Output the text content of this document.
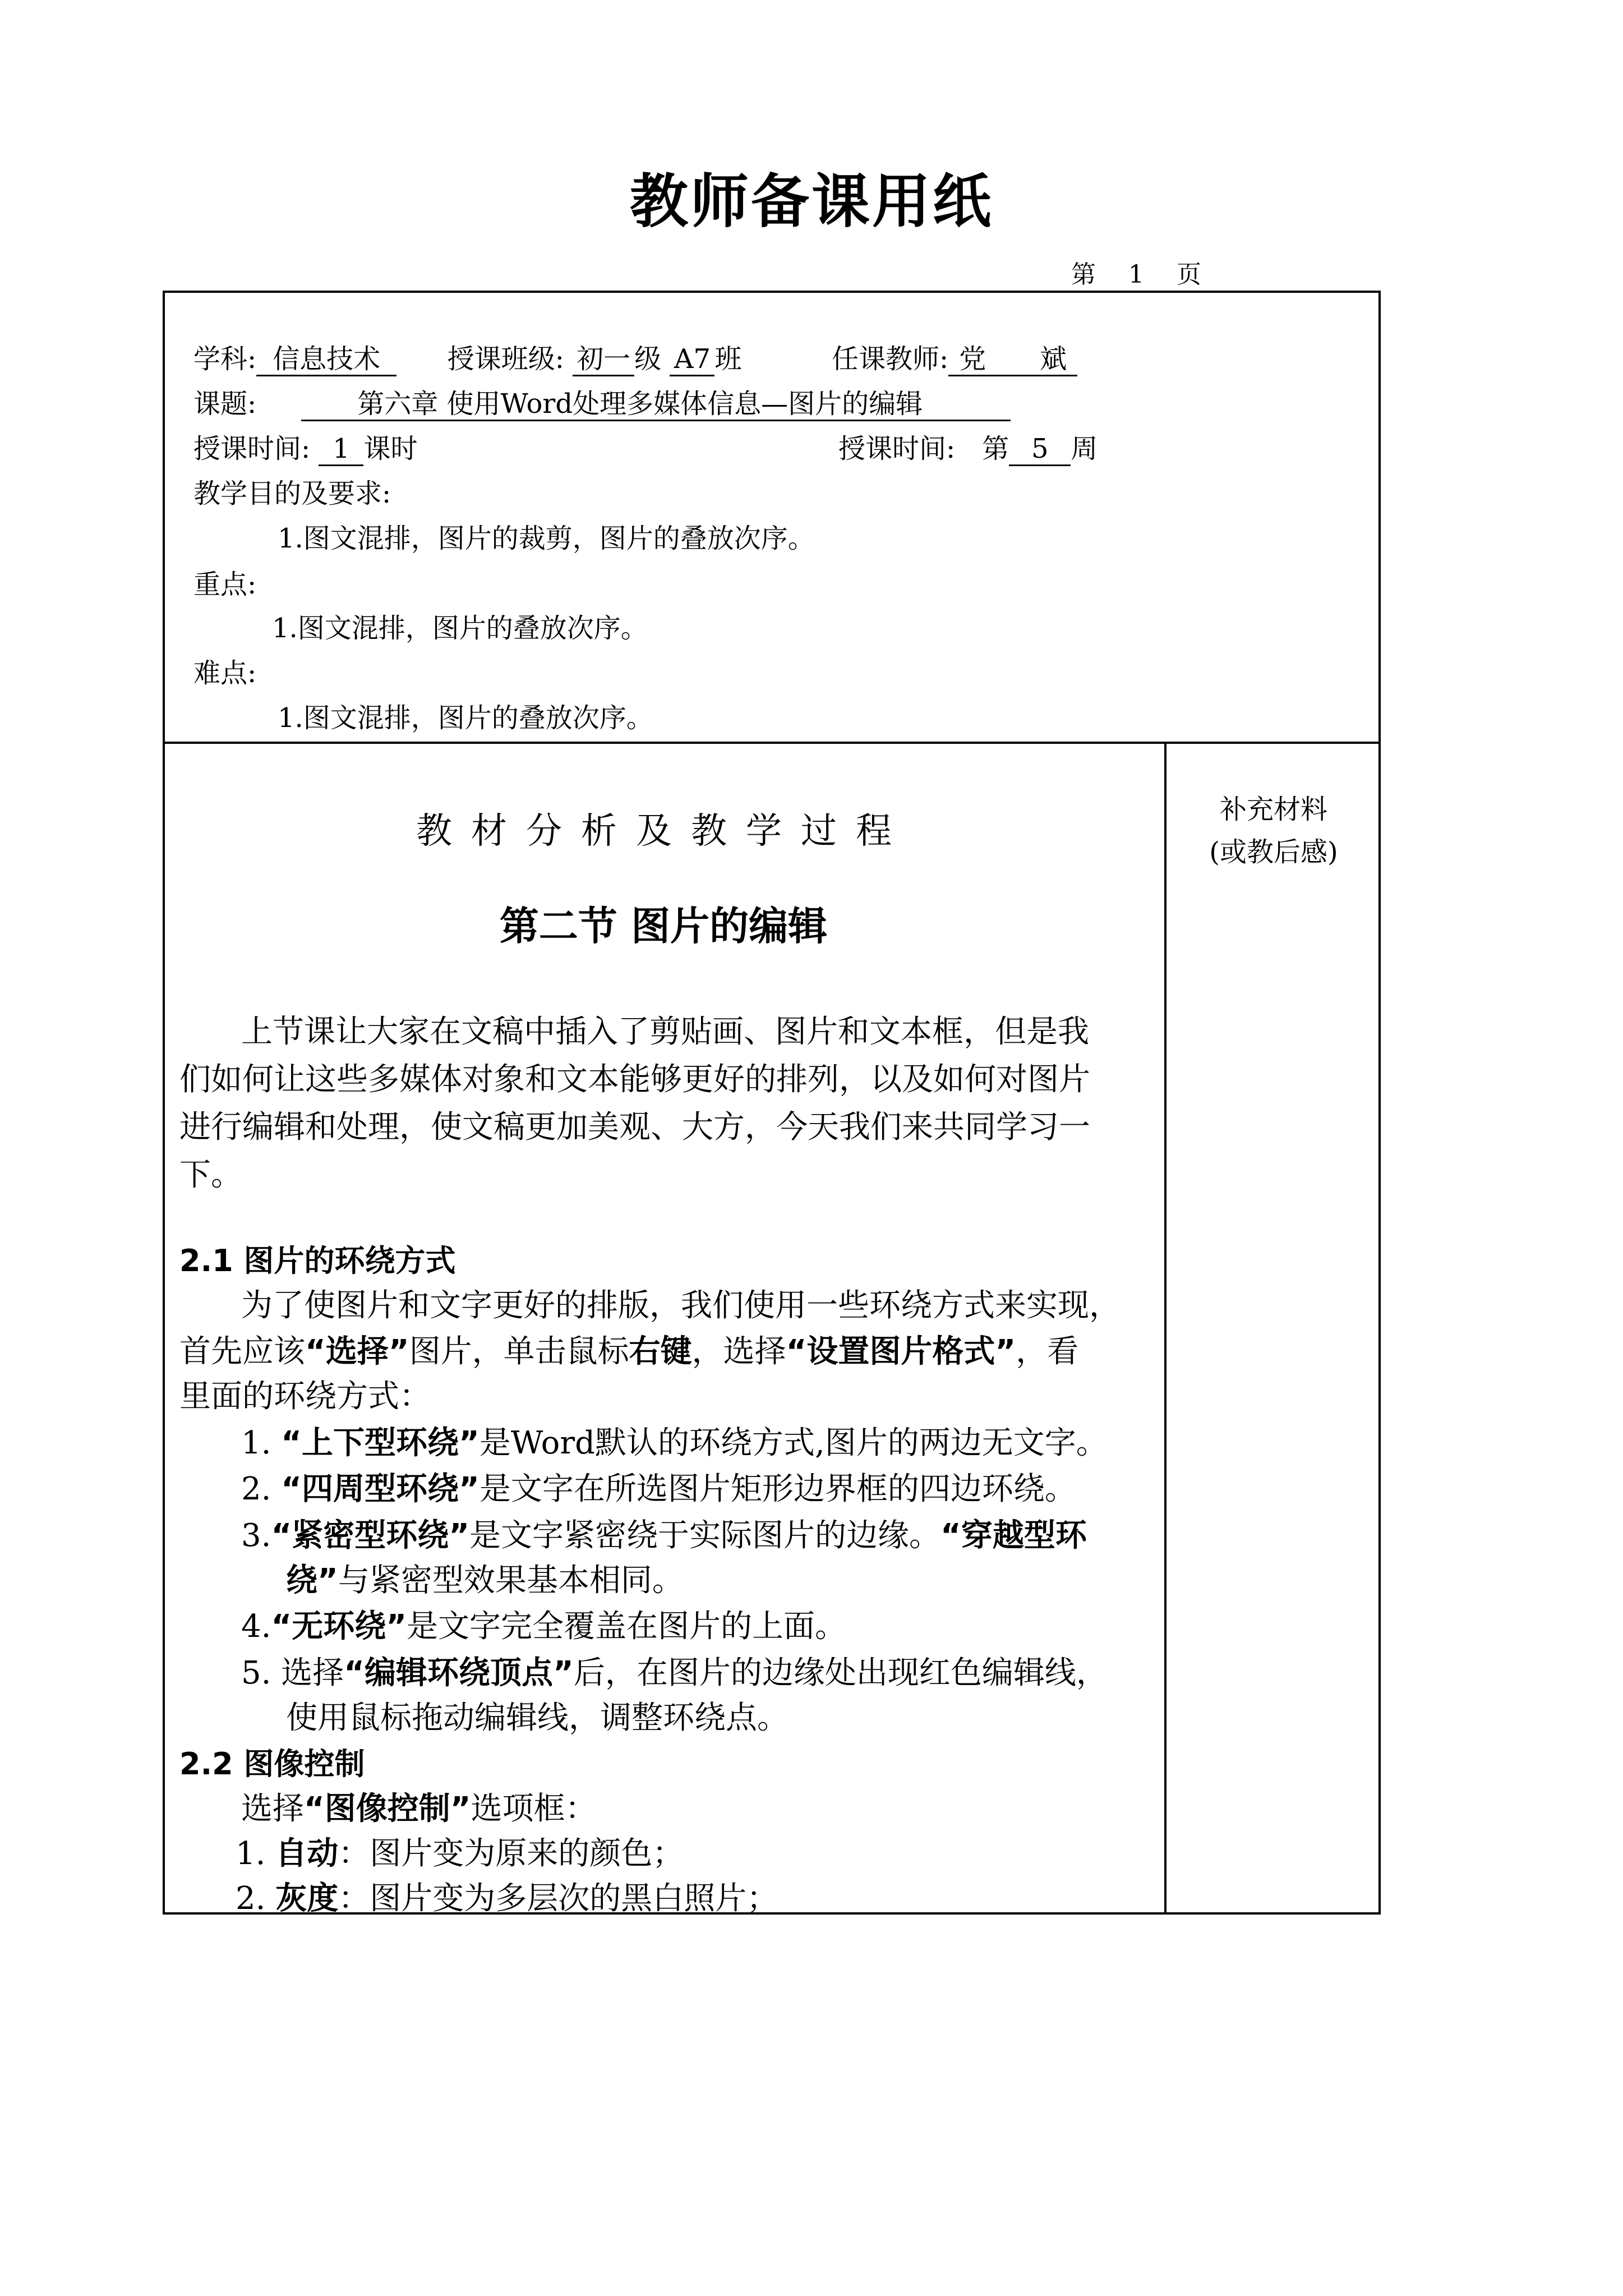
教师备课用纸
第　 1　 页
学科: 信息技术 授课班级: 初一 级 A7 班	任课教师: 党　　斌
课题:	第六章 使用Word处理多媒体信息—图片的编辑
授课时间: 1 课时	授课时间:　 第 5 周
教学目的及要求:
1.图文混排，图片的裁剪，图片的叠放次序。
重点:
1.图文混排，图片的叠放次序。
难点:
1.图文混排，图片的叠放次序。
教材分析及教学过程
第二节 图片的编辑
补充材料
(或教后感)
上节课让大家在文稿中插入了剪贴画、图片和文本框，但是我
们如何让这些多媒体对象和文本能够更好的排列，以及如何对图片
进行编辑和处理，使文稿更加美观、大方，今天我们来共同学习一
下。
2.1 图片的环绕方式
为了使图片和文字更好的排版，我们使用一些环绕方式来实现，
首先应该“选择”图片，单击鼠标右键，选择“设置图片格式”，看
里面的环绕方式：
1. “上下型环绕”是Word默认的环绕方式,图片的两边无文字。
2. “四周型环绕”是文字在所选图片矩形边界框的四边环绕。
3.“紧密型环绕”是文字紧密绕于实际图片的边缘。“穿越型环
绕”与紧密型效果基本相同。
4.“无环绕”是文字完全覆盖在图片的上面。
5. 选择“编辑环绕顶点”后，在图片的边缘处出现红色编辑线，
使用鼠标拖动编辑线，调整环绕点。
2.2 图像控制
选择“图像控制”选项框：
1. 自动：图片变为原来的颜色；
2. 灰度：图片变为多层次的黑白照片；
